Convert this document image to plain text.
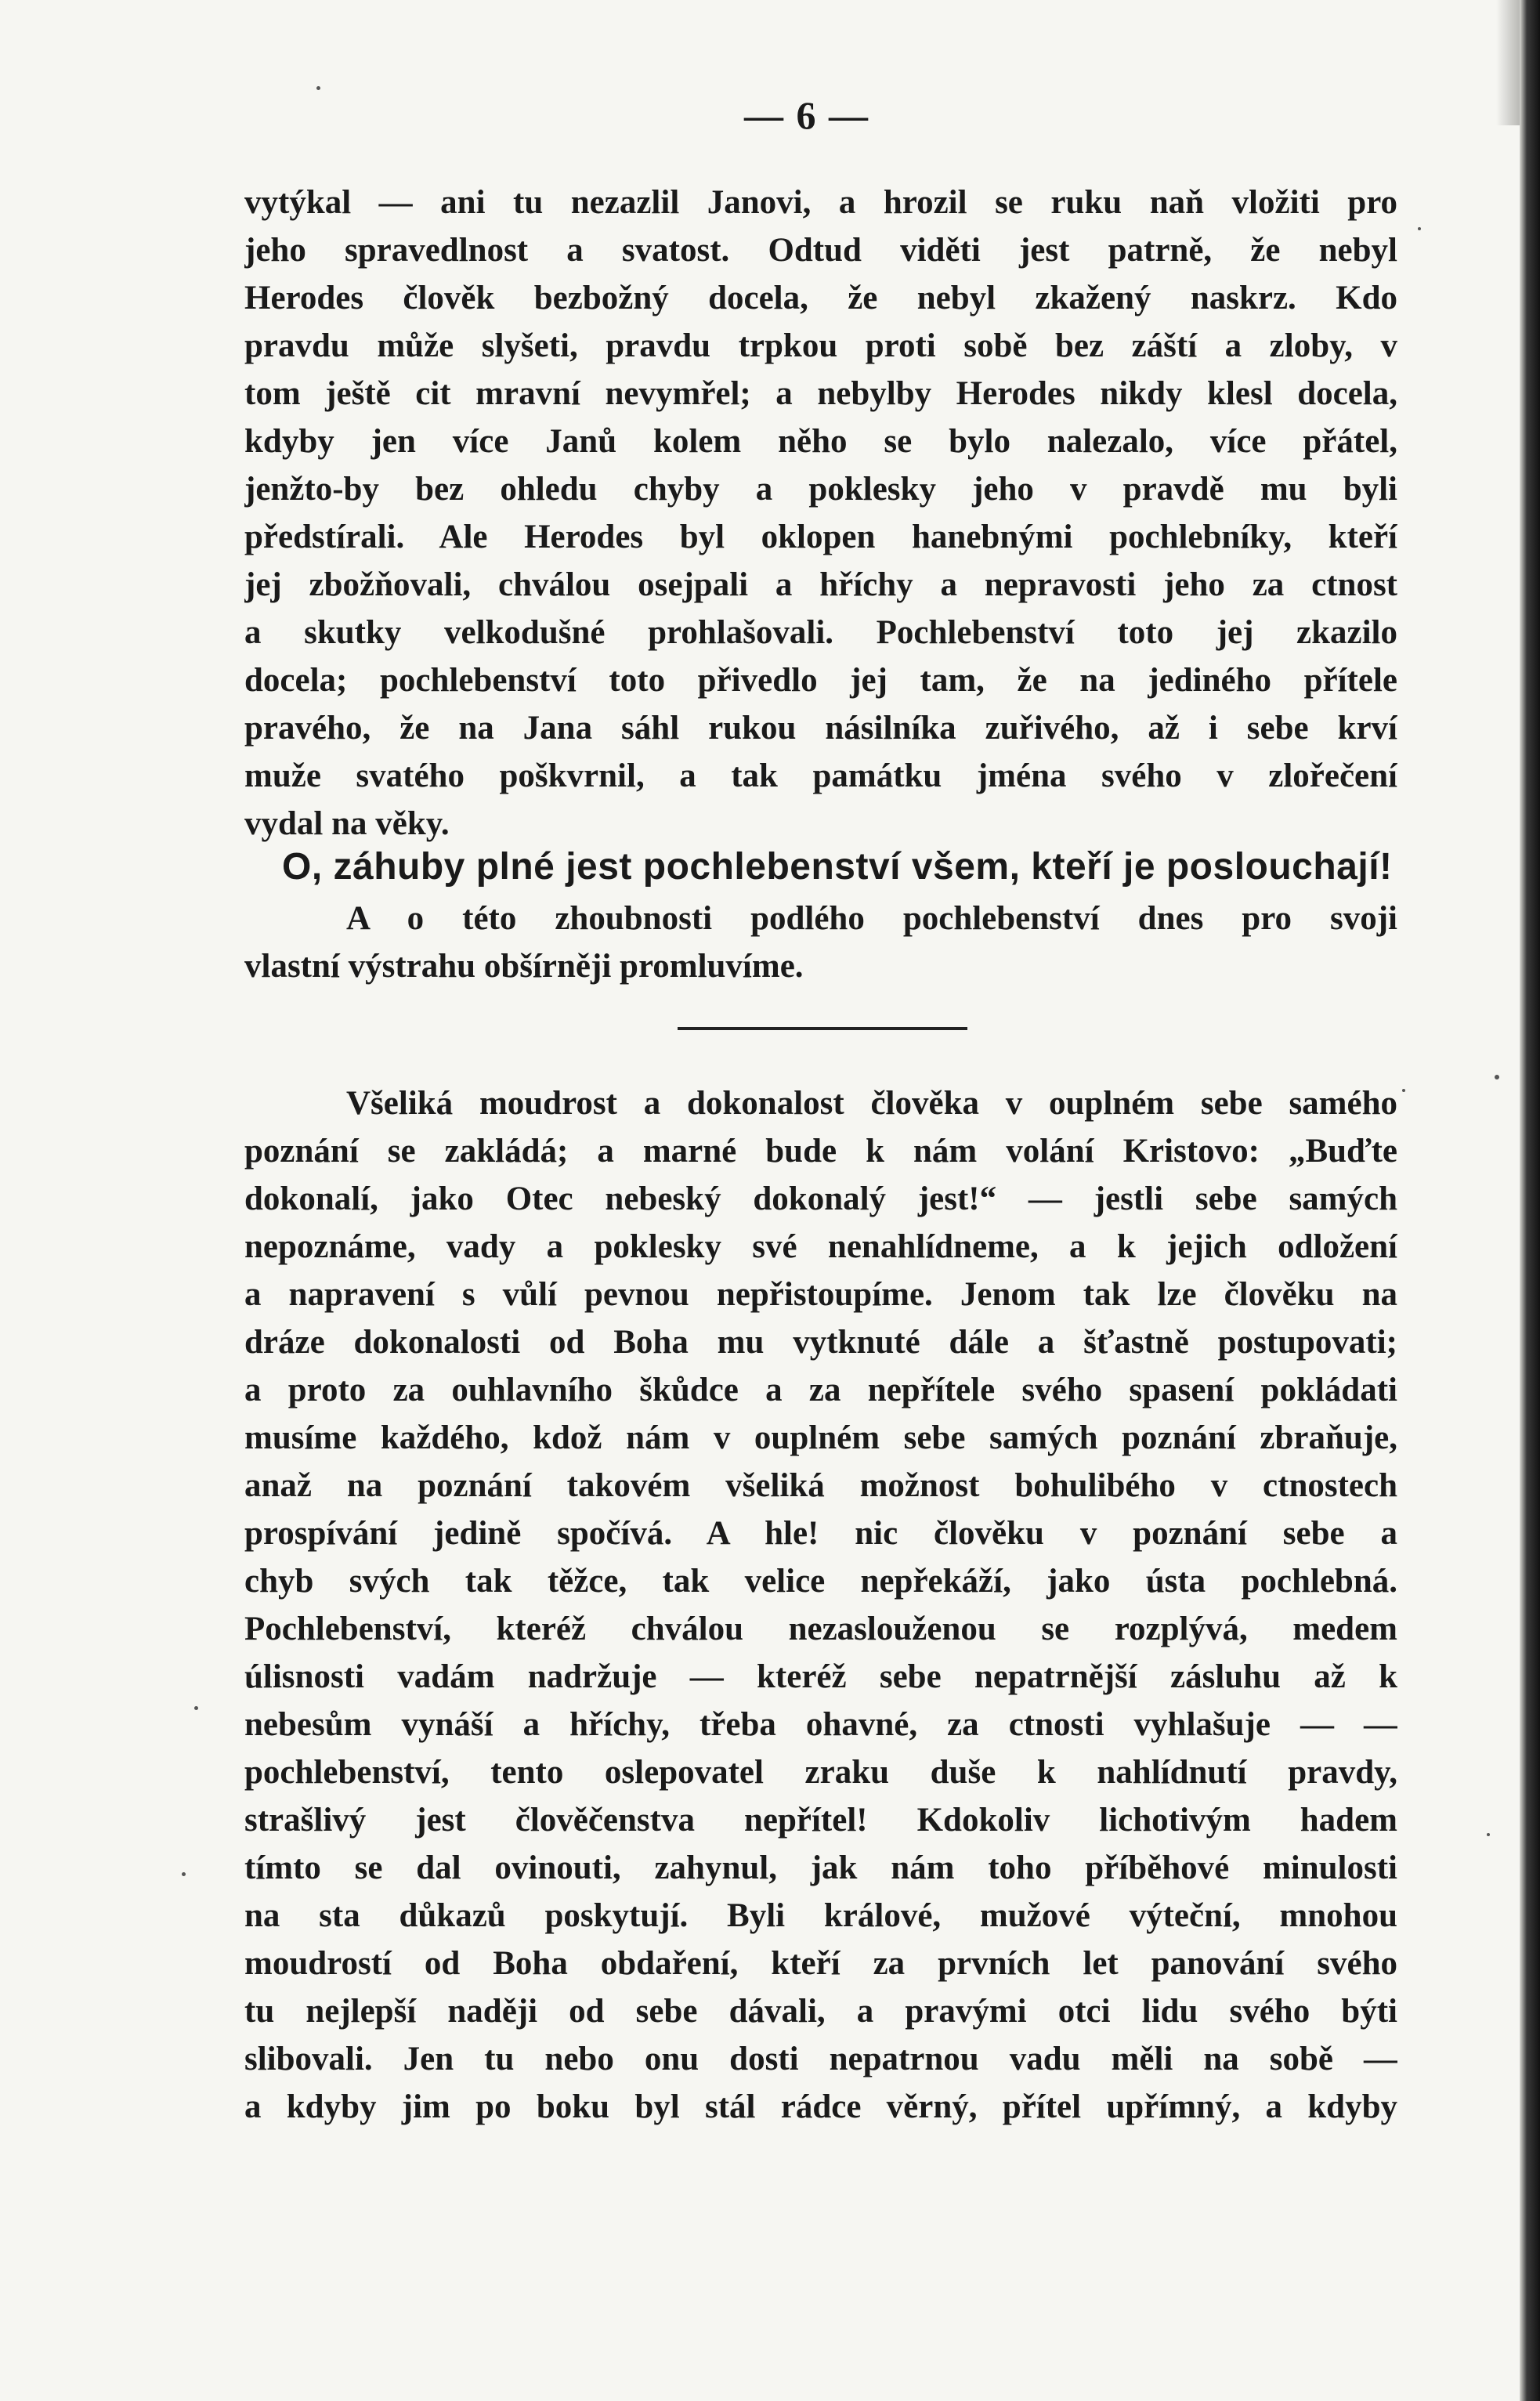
— 6 —
vytýkal — ani tu nezazlil Janovi, a hrozil se ruku naň vložiti pro
jeho spravedlnost a svatost. Odtud viděti jest patrně, že nebyl
Herodes člověk bezbožný docela, že nebyl zkažený naskrz. Kdo
pravdu může slyšeti, pravdu trpkou proti sobě bez záští a zloby, v
tom ještě cit mravní nevymřel; a nebylby Herodes nikdy klesl docela,
kdyby jen více Janů kolem něho se bylo nalezalo, více přátel,
jenžto-by bez ohledu chyby a poklesky jeho v pravdě mu byli
předstírali. Ale Herodes byl oklopen hanebnými pochlebníky, kteří
jej zbožňovali, chválou osejpali a hříchy a nepravosti jeho za ctnost
a skutky velkodušné prohlašovali. Pochlebenství toto jej zkazilo
docela; pochlebenství toto přivedlo jej tam, že na jediného přítele
pravého, že na Jana sáhl rukou násilníka zuřivého, až i sebe krví
muže svatého poškvrnil, a tak památku jména svého v zlořečení
vydal na věky.
O, záhuby plné jest pochlebenství všem, kteří je poslouchají!
A o této zhoubnosti podlého pochlebenství dnes pro svoji
vlastní výstrahu obšírněji promluvíme.
Všeliká moudrost a dokonalost člověka v ouplném sebe samého
poznání se zakládá; a marné bude k nám volání Kristovo: „Buďte
dokonalí, jako Otec nebeský dokonalý jest!“ — jestli sebe samých
nepoznáme, vady a poklesky své nenahlídneme, a k jejich odložení
a napravení s vůlí pevnou nepřistoupíme. Jenom tak lze člověku na
dráze dokonalosti od Boha mu vytknuté dále a šťastně postupovati;
a proto za ouhlavního škůdce a za nepřítele svého spasení pokládati
musíme každého, kdož nám v ouplném sebe samých poznání zbraňuje,
anaž na poznání takovém všeliká možnost bohulibého v ctnostech
prospívání jedině spočívá. A hle! nic člověku v poznání sebe a
chyb svých tak těžce, tak velice nepřekáží, jako ústa pochlebná.
Pochlebenství, kteréž chválou nezaslouženou se rozplývá, medem
úlisnosti vadám nadržuje — kteréž sebe nepatrnější zásluhu až k
nebesům vynáší a hříchy, třeba ohavné, za ctnosti vyhlašuje — —
pochlebenství, tento oslepovatel zraku duše k nahlídnutí pravdy,
strašlivý jest člověčenstva nepřítel! Kdokoliv lichotivým hadem
tímto se dal ovinouti, zahynul, jak nám toho příběhové minulosti
na sta důkazů poskytují. Byli králové, mužové výteční, mnohou
moudrostí od Boha obdaření, kteří za prvních let panování svého
tu nejlepší naději od sebe dávali, a pravými otci lidu svého býti
slibovali. Jen tu nebo onu dosti nepatrnou vadu měli na sobě —
a kdyby jim po boku byl stál rádce věrný, přítel upřímný, a kdyby
